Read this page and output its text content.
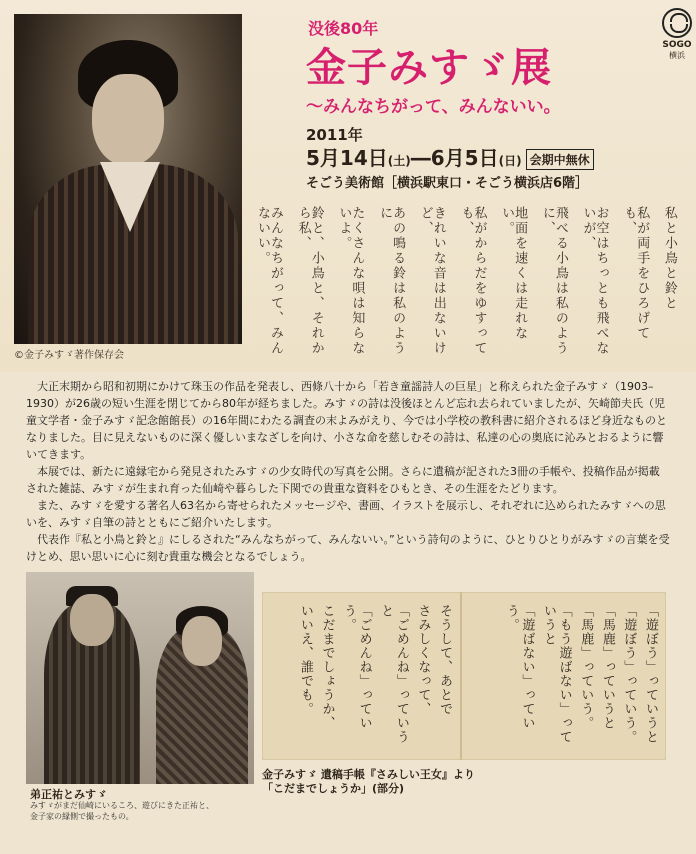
©金子みすゞ著作保存会
SOGO
横浜
没後80年
金子みすゞ展
～みんなちがって、みんないい。
2011年
5月14日(土)―6月5日(日) 会期中無休
そごう美術館［横浜駅東口・そごう横浜店6階］
私と小鳥と鈴と
私が両手をひろげても、
お空はちっとも飛べないが、
飛べる小鳥は私のように、
地面を速くは走れない。
私がからだをゆすっても、
きれいな音は出ないけど、
あの鳴る鈴は私のように
たくさんな唄は知らないよ。
鈴と、小鳥と、それから私、
みんなちがって、みんないい。

大正末期から昭和初期にかけて珠玉の作品を発表し、西條八十から「若き童謡詩人の巨星」と称えられた金子みすゞ（1903–1930）が26歳の短い生涯を閉じてから80年が経ちました。みすゞの詩は没後ほとんど忘れ去られていましたが、矢崎節夫氏（児童文学者・金子みすゞ記念館館長）の16年間にわたる調査の末よみがえり、今では小学校の教科書に紹介されるほど身近なものとなりました。目に見えないものに深く優しいまなざしを向け、小さな命を慈しむその詩は、私達の心の奥底に沁みとおるように響いてきます。

本展では、新たに遠縁宅から発見されたみすゞの少女時代の写真を公開。さらに遺稿が記された3冊の手帳や、投稿作品が掲載された雑誌、みすゞが生まれ育った仙崎や暮らした下関での貴重な資料をひもとき、その生涯をたどります。

また、みすゞを愛する著名人63名から寄せられたメッセージや、書画、イラストを展示し、それぞれに込められたみすゞへの思いを、みすゞ自筆の詩とともにご紹介いたします。

代表作『私と小鳥と鈴と』にしるされた“みんなちがって、みんないい。”という詩句のように、ひとりひとりがみすゞの言葉を受けとめ、思い思いに心に刻む貴重な機会となるでしょう。

弟正祐とみすゞ
みすゞがまだ仙崎にいるころ、遊びにきた正祐と、
金子家の縁側で撮ったもの。
「遊ぼう」っていうと
「遊ぼう」っていう。
「馬鹿」っていうと
「馬鹿」っていう。
「もう遊ばない」っていうと
「遊ばない」っていう。
そうして、あとで
さみしくなって、
「ごめんね」っていうと
「ごめんね」っていう。
こだまでしょうか、
いいえ、誰でも。
金子みすゞ 遺稿手帳『さみしい王女』より
「こだまでしょうか」(部分)
